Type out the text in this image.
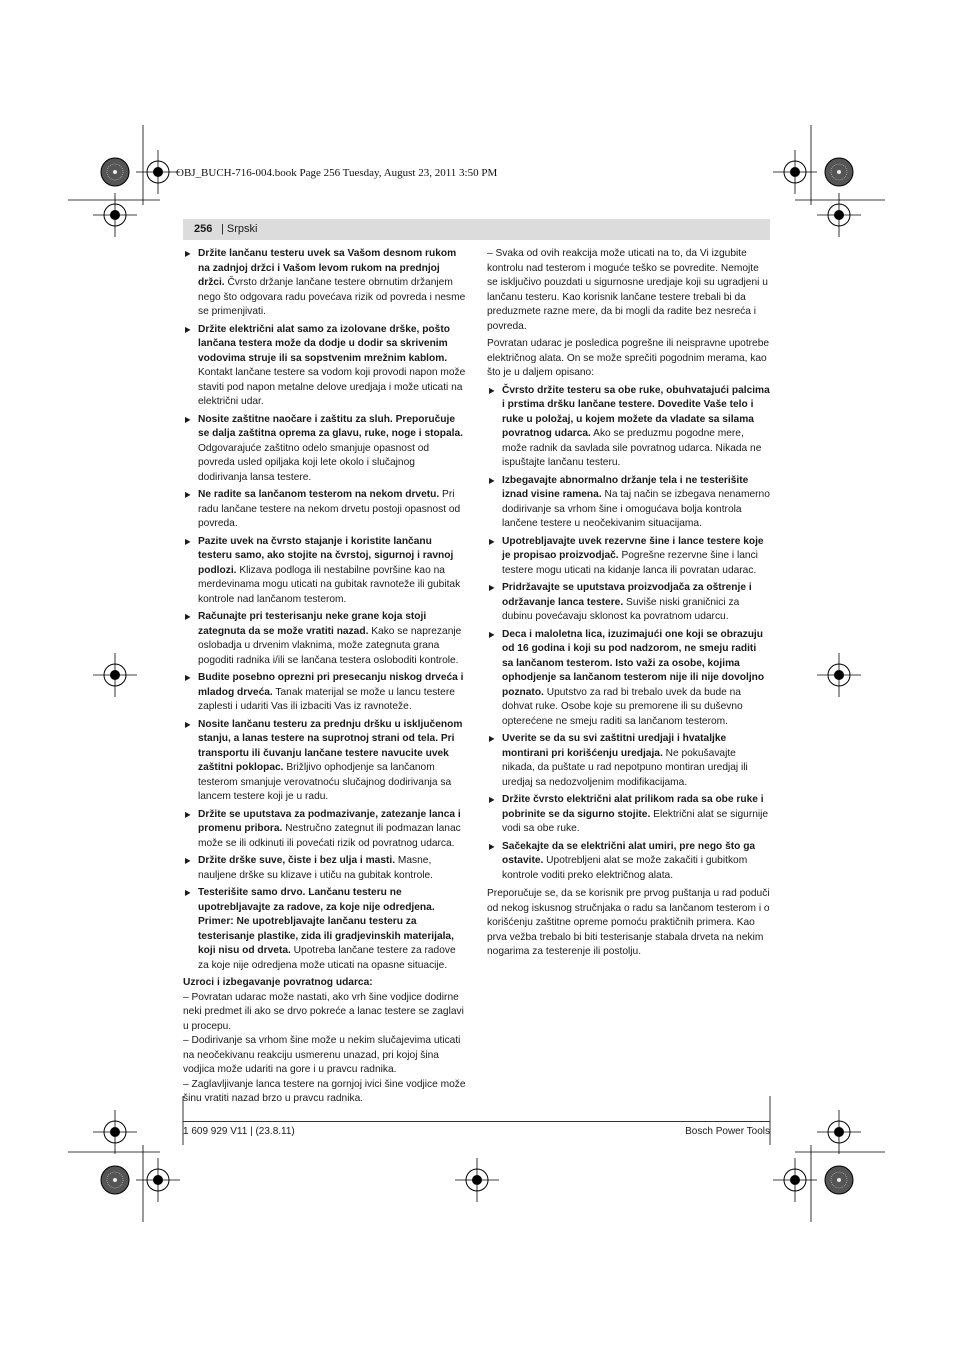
OBJ_BUCH-716-004.book Page 256 Tuesday, August 23, 2011 3:50 PM
256 | Srpski
▶ Držite lančanu testeru uvek sa Vašom desnom rukom na zadnjoj držci i Vašom levom rukom na prednjoj držci. Čvrsto držanje lančane testere obrnutim držanjem nego što odgovara radu povećava rizik od povreda i nesme se primenjivati.
▶ Držite električni alat samo za izolovane drške, pošto lančana testera može da dodje u dodir sa skrivenim vodovima struje ili sa sopstvenim mrežnim kablom. Kontakt lančane testere sa vodom koji provodi napon može staviti pod napon metalne delove uredjaja i može uticati na električni udar.
▶ Nosite zaštitne naočare i zaštitu za sluh. Preporučuje se dalja zaštitna oprema za glavu, ruke, noge i stopala. Odgovarajuće zaštitno odelo smanjuje opasnost od povreda usled opiljaka koji lete okolo i slučajnog dodirivanja lansa testere.
▶ Ne radite sa lančanom testerom na nekom drvetu. Pri radu lančane testere na nekom drvetu postoji opasnost od povreda.
▶ Pazite uvek na čvrsto stajanje i koristite lančanu testeru samo, ako stojite na čvrstoj, sigurnoj i ravnoj podlozi. Klizava podloga ili nestabilne površine kao na merdevinama mogu uticati na gubitak ravnoteže ili gubitak kontrole nad lančanom testerom.
▶ Računajte pri testerisanju neke grane koja stoji zategnuta da se može vratiti nazad. Kako se naprezanje oslobadja u drvenim vlaknima, može zategnuta grana pogoditi radnika i/ili se lančana testera osloboditi kontrole.
▶ Budite posebno oprezni pri presecanju niskog drveća i mladog drveća. Tanak materijal se može u lancu testere zaplesti i udariti Vas ili izbaciti Vas iz ravnoteže.
▶ Nosite lančanu testeru za prednju dršku u isključenom stanju, a lanas testere na suprotnoj strani od tela. Pri transportu ili čuvanju lančane testere navucite uvek zaštitni poklopac. Brižljivo ophodjenje sa lančanom testerom smanjuje verovatnoću slučajnog dodirivanja sa lancem testere koji je u radu.
▶ Držite se uputstava za podmazivanje, zatezanje lanca i promenu pribora. Nestručno zategnut ili podmazan lanac može se ili odkinuti ili povećati rizik od povratnog udarca.
▶ Držite drške suve, čiste i bez ulja i masti. Masne, nauljene drške su klizave i utiču na gubitak kontrole.
▶ Testerišite samo drvo. Lančanu testeru ne upotrebljavajte za radove, za koje nije odredjena. Primer: Ne upotrebljavajte lančanu testeru za testerisanje plastike, zida ili gradjevinskih materijala, koji nisu od drveta. Upotreba lančane testere za radove za koje nije odredjena može uticati na opasne situacije.
Uzroci i izbegavanje povratnog udarca:
– Povratan udarac može nastati, ako vrh šine vodjice dodirne neki predmet ili ako se drvo pokreće a lanac testere se zaglavi u procepu.
– Dodirivanje sa vrhom šine može u nekim slučajevima uticati na neočekivanu reakciju usmerenu unazad, pri kojoj šina vodjica može udariti na gore i u pravcu radnika.
– Zaglavljivanje lanca testere na gornjoj ivici šine vodjice može šinu vratiti nazad brzo u pravcu radnika.
– Svaka od ovih reakcija može uticati na to, da Vi izgubite kontrolu nad testerom i moguće teško se povredite. Nemojte se isključivo pouzdati u sigurnosne uredjaje koji su ugradjeni u lančanu testeru. Kao korisnik lančane testere trebali bi da preduzmete razne mere, da bi mogli da radite bez nesreća i povreda.
Povratan udarac je posledica pogrešne ili neispravne upotrebe električnog alata. On se može sprečiti pogodnim merama, kao što je u daljem opisano:
▶ Čvrsto držite testeru sa obe ruke, obuhvatajući palcima i prstima dršku lančane testere. Dovedite Vaše telo i ruke u položaj, u kojem možete da vladate sa silama povratnog udarca. Ako se preduzmu pogodne mere, može radnik da savlada sile povratnog udarca. Nikada ne ispuštajte lančanu testeru.
▶ Izbegavajte abnormalno držanje tela i ne testerišite iznad visine ramena. Na taj način se izbegava nenamerno dodirivanje sa vrhom šine i omogućava bolja kontrola lančene testere u neočekivanim situacijama.
▶ Upotrebljavajte uvek rezervne šine i lance testere koje je propisao proizvodjač. Pogrešne rezervne šine i lanci testere mogu uticati na kidanje lanca ili povratan udarac.
▶ Pridržavajte se uputstava proizvodjača za oštrenje i održavanje lanca testere. Suviše niski graničnici za dubinu povećavaju sklonost ka povratnom udarcu.
▶ Deca i maloletna lica, izuzimajući one koji se obrazuju od 16 godina i koji su pod nadzorom, ne smeju raditi sa lančanom testerom. Isto važi za osobe, kojima ophodjenje sa lančanom testerom nije ili nije dovoljno poznato. Uputstvo za rad bi trebalo uvek da bude na dohvat ruke. Osobe koje su premorene ili su duševno opterećene ne smeju raditi sa lančanom testerom.
▶ Uverite se da su svi zaštitni uredjaji i hvataljke montirani pri korišćenju uredjaja. Ne pokušavajte nikada, da puštate u rad nepotpuno montiran uredjaj ili uredjaj sa nedozvoljenim modifikacijama.
▶ Držite čvrsto električni alat prilikom rada sa obe ruke i pobrinite se da sigurno stojite. Električni alat se sigurnije vodi sa obe ruke.
▶ Sačekajte da se električni alat umiri, pre nego što ga ostavite. Upotrebljeni alat se može zakačiti i gubitkom kontrole voditi preko električnog alata.
Preporučuje se, da se korisnik pre prvog puštanja u rad poduči od nekog iskusnog stručnjaka o radu sa lančanom testerom i o korišćenju zaštitne opreme pomoću praktičnih primera. Kao prva vežba trebalo bi biti testerisanje stabala drveta na nekim nogarima za testerenje ili postolju.
1 609 929 V11 | (23.8.11)	Bosch Power Tools
